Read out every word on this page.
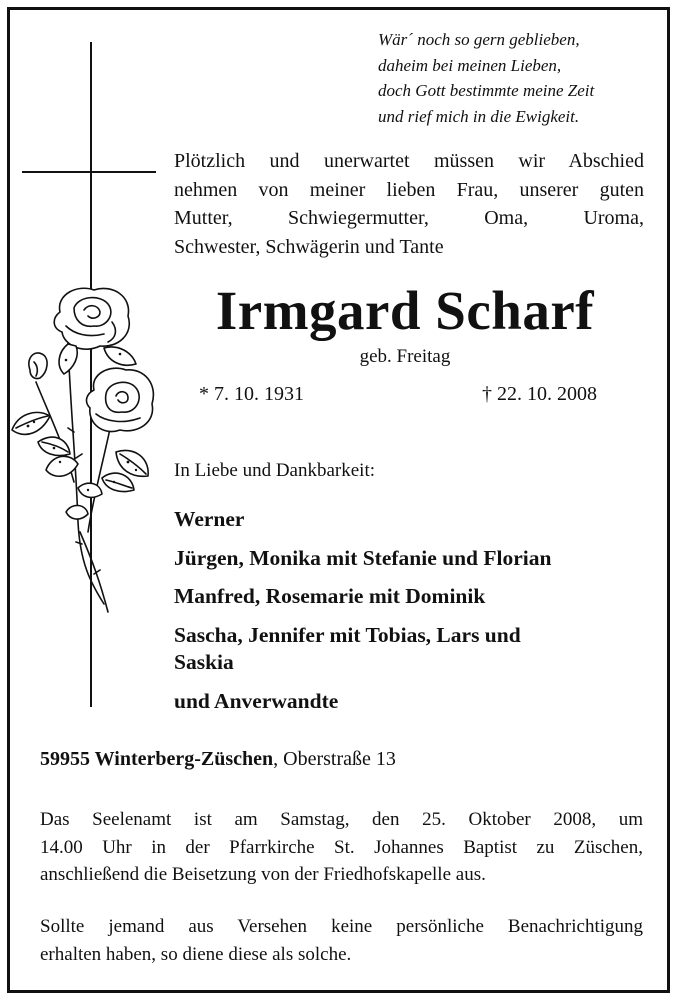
Wär´ noch so gern geblieben,
daheim bei meinen Lieben,
doch Gott bestimmte meine Zeit
und rief mich in die Ewigkeit.
Plötzlich und unerwartet müssen wir Abschied
nehmen von meiner lieben Frau, unserer guten
Mutter, Schwiegermutter, Oma, Uroma,
Schwester, Schwägerin und Tante
Irmgard Scharf
geb. Freitag
* 7. 10. 1931	† 22. 10. 2008
In Liebe und Dankbarkeit:
Werner
Jürgen, Monika mit Stefanie und Florian
Manfred, Rosemarie mit Dominik
Sascha, Jennifer mit Tobias, Lars und
Saskia
und Anverwandte
59955 Winterberg-Züschen, Oberstraße 13
Das Seelenamt ist am Samstag, den 25. Oktober 2008, um
14.00 Uhr in der Pfarrkirche St. Johannes Baptist zu Züschen,
anschließend die Beisetzung von der Friedhofskapelle aus.
Sollte jemand aus Versehen keine persönliche Benachrichtigung
erhalten haben, so diene diese als solche.
